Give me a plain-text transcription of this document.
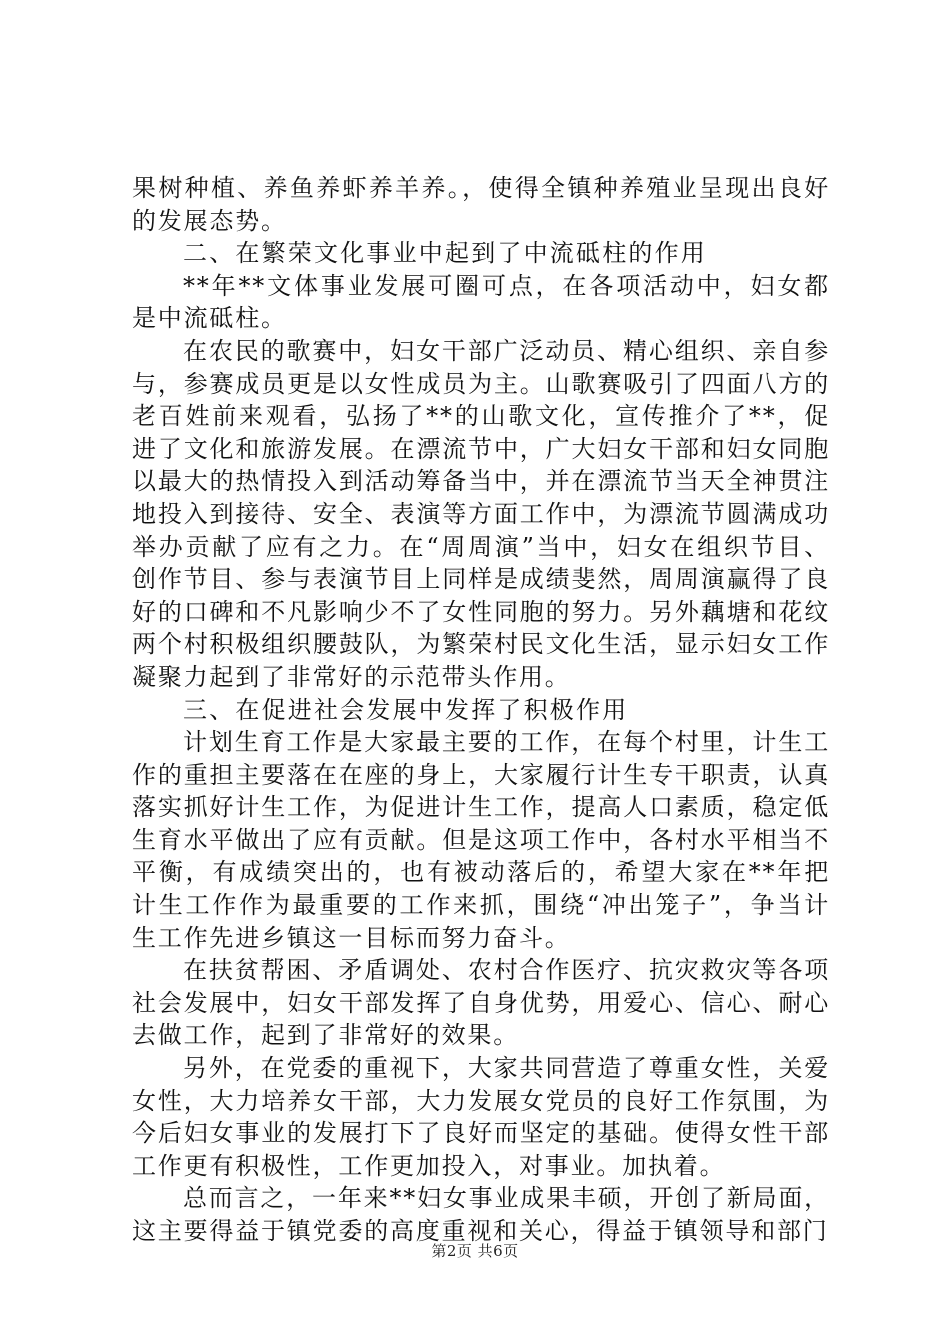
果树种植、养鱼养虾养羊养。，使得全镇种养殖业呈现出良好的发展态势。

二、在繁荣文化事业中起到了中流砥柱的作用

**年**文体事业发展可圈可点，在各项活动中，妇女都是中流砥柱。

在农民的歌赛中，妇女干部广泛动员、精心组织、亲自参与，参赛成员更是以女性成员为主。山歌赛吸引了四面八方的老百姓前来观看，弘扬了**的山歌文化，宣传推介了**，促进了文化和旅游发展。在漂流节中，广大妇女干部和妇女同胞以最大的热情投入到活动筹备当中，并在漂流节当天全神贯注地投入到接待、安全、表演等方面工作中，为漂流节圆满成功举办贡献了应有之力。在“周周演”当中，妇女在组织节目、创作节目、参与表演节目上同样是成绩斐然，周周演赢得了良好的口碑和不凡影响少不了女性同胞的努力。另外藕塘和花纹两个村积极组织腰鼓队，为繁荣村民文化生活，显示妇女工作凝聚力起到了非常好的示范带头作用。

三、在促进社会发展中发挥了积极作用

计划生育工作是大家最主要的工作，在每个村里，计生工作的重担主要落在在座的身上，大家履行计生专干职责，认真落实抓好计生工作，为促进计生工作，提高人口素质，稳定低生育水平做出了应有贡献。但是这项工作中，各村水平相当不平衡，有成绩突出的，也有被动落后的，希望大家在**年把计生工作作为最重要的工作来抓，围绕“冲出笼子”，争当计生工作先进乡镇这一目标而努力奋斗。

在扶贫帮困、矛盾调处、农村合作医疗、抗灾救灾等各项社会发展中，妇女干部发挥了自身优势，用爱心、信心、耐心去做工作，起到了非常好的效果。

另外，在党委的重视下，大家共同营造了尊重女性，关爱女性，大力培养女干部，大力发展女党员的良好工作氛围，为今后妇女事业的发展打下了良好而坚定的基础。使得女性干部工作更有积极性，工作更加投入，对事业。加执着。

总而言之，一年来**妇女事业成果丰硕，开创了新局面，这主要得益于镇党委的高度重视和关心，得益于镇领导和部门

第2页 共6页
